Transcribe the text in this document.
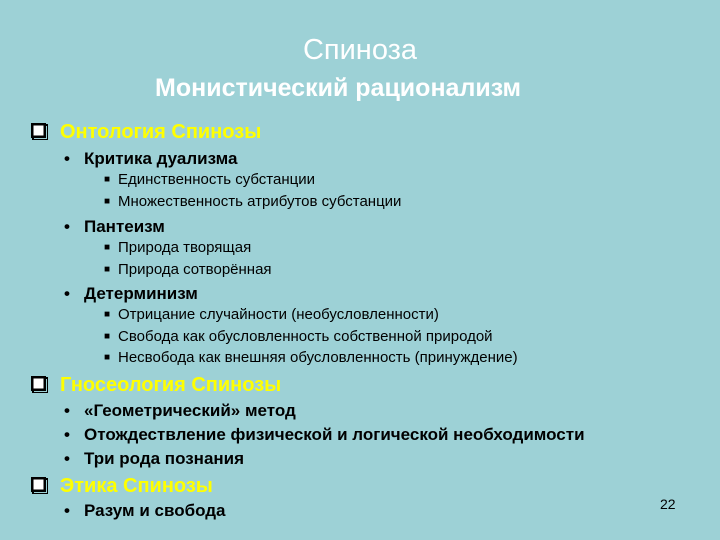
Спиноза
Монистический рационализм
Онтология Спинозы
• Критика дуализма
■ Единственность субстанции
■ Множественность атрибутов субстанции
• Пантеизм
■ Природа творящая
■ Природа сотворённая
• Детерминизм
■ Отрицание случайности (необусловленности)
■ Свобода как обусловленность собственной природой
■ Несвобода как внешняя обусловленность (принуждение)
Гносеология Спинозы
• «Геометрический» метод
• Отождествление физической и логической необходимости
• Три рода познания
Этика Спинозы
• Разум и свобода	22
